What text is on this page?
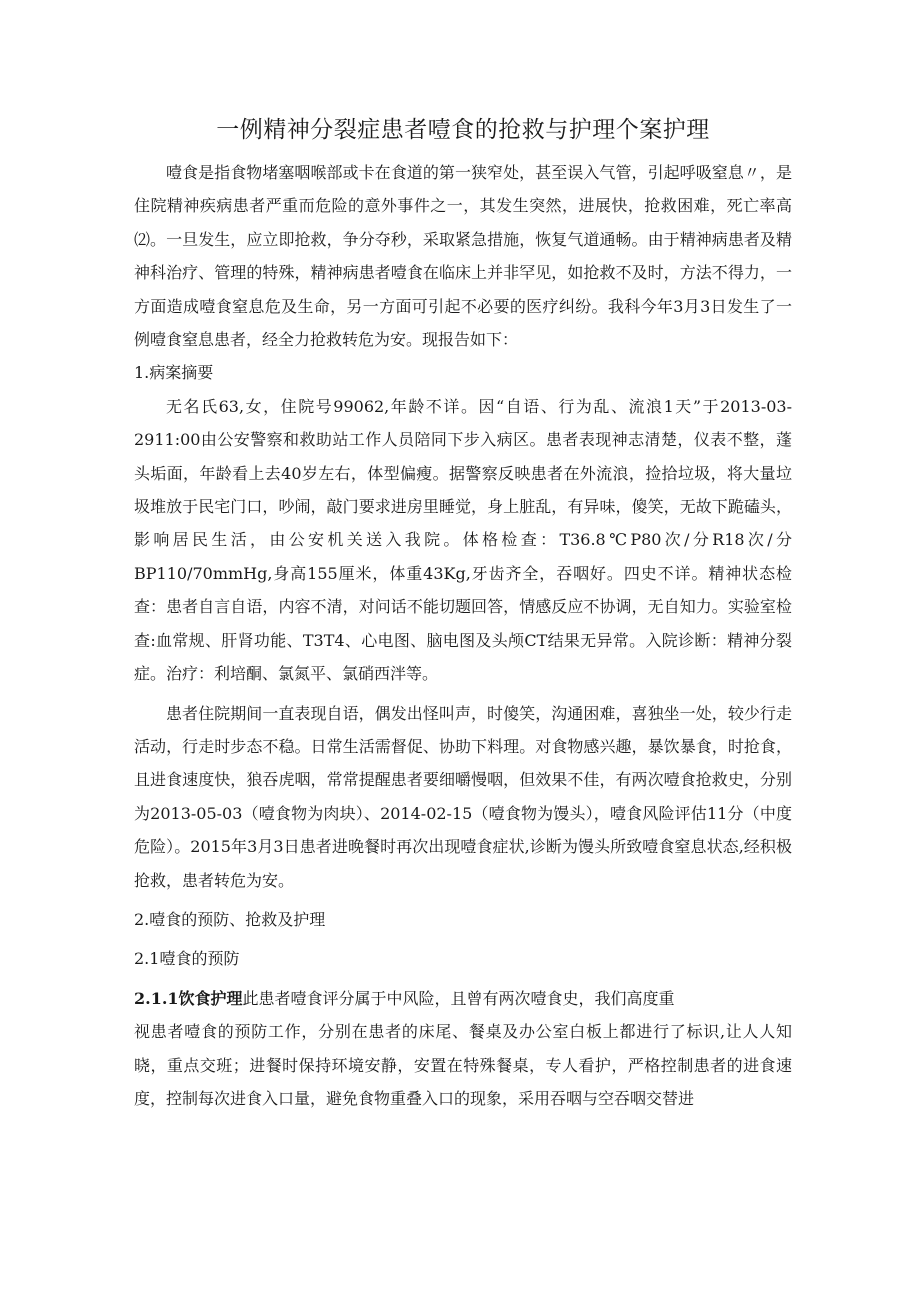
一例精神分裂症患者噎食的抢救与护理个案护理

噎食是指食物堵塞咽喉部或卡在食道的第一狭窄处，甚至误入气管，引起呼吸窒息〃，是住院精神疾病患者严重而危险的意外事件之一，其发生突然，进展快，抢救困难，死亡率高⑵。一旦发生，应立即抢救，争分夺秒，采取紧急措施，恢复气道通畅。由于精神病患者及精神科治疗、管理的特殊，精神病患者噎食在临床上并非罕见，如抢救不及时，方法不得力，一方面造成噎食窒息危及生命，另一方面可引起不必要的医疗纠纷。我科今年3月3日发生了一例噎食窒息患者，经全力抢救转危为安。现报告如下：

1.病案摘要

无名氏63,女，住院号99062,年龄不详。因“自语、行为乱、流浪1天”于2013-03-2911:00由公安警察和救助站工作人员陪同下步入病区。患者表现神志清楚，仪表不整，蓬头垢面，年龄看上去40岁左右，体型偏瘦。据警察反映患者在外流浪，捡拾垃圾，将大量垃圾堆放于民宅门口，吵闹，敲门要求进房里睡觉，身上脏乱，有异味，傻笑，无故下跪磕头，影响居民生活，由公安机关送入我院。体格检查：T36.8℃P80次/分R18次/分BP110/70mmHg,身高155厘米，体重43Kg,牙齿齐全，吞咽好。四史不详。精神状态检查：患者自言自语，内容不清，对问话不能切题回答，情感反应不协调，无自知力。实验室检查:血常规、肝肾功能、T3T4、心电图、脑电图及头颅CT结果无异常。入院诊断：精神分裂症。治疗：利培酮、氯氮平、氯硝西泮等。

患者住院期间一直表现自语，偶发出怪叫声，时傻笑，沟通困难，喜独坐一处，较少行走活动，行走时步态不稳。日常生活需督促、协助下料理。对食物感兴趣，暴饮暴食，时抢食，且进食速度快，狼吞虎咽，常常提醒患者要细嚼慢咽，但效果不佳，有两次噎食抢救史，分别为2013-05-03（噎食物为肉块）、2014-02-15（噎食物为馒头），噎食风险评估11分（中度危险）。2015年3月3日患者进晚餐时再次出现噎食症状,诊断为馒头所致噎食窒息状态,经积极抢救，患者转危为安。

2.噎食的预防、抢救及护理
2.1噎食的预防

2.1.1饮食护理此患者噎食评分属于中风险，且曾有两次噎食史，我们高度重

视患者噎食的预防工作，分别在患者的床尾、餐桌及办公室白板上都进行了标识,让人人知晓，重点交班；进餐时保持环境安静，安置在特殊餐桌，专人看护，严格控制患者的进食速度，控制每次进食入口量，避免食物重叠入口的现象，采用吞咽与空吞咽交替进
